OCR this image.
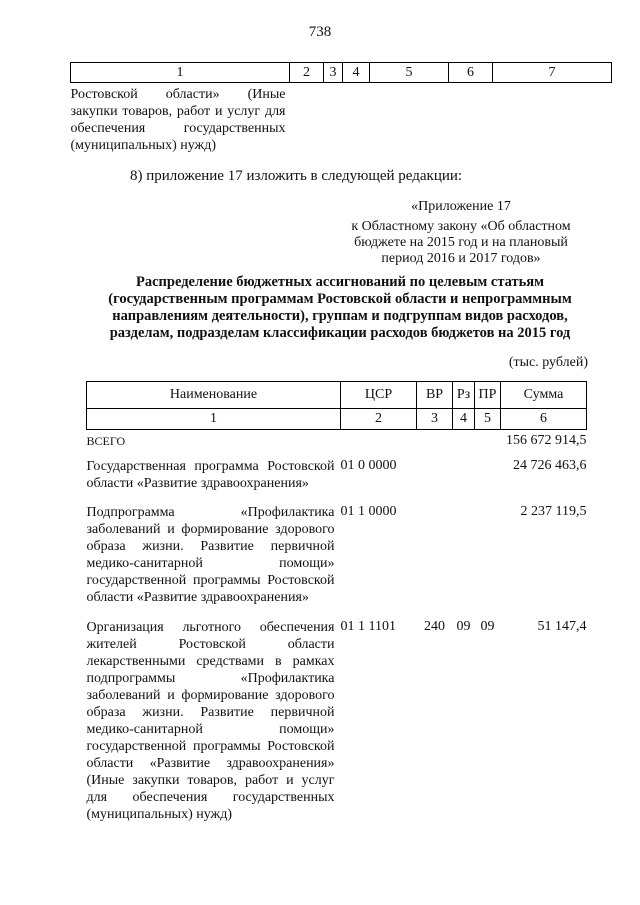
738
1	2	3	4	5	6	7
Ростовской области» (Иные закупки товаров, работ и услуг для обеспечения государственных (муниципальных) нужд)						
8) приложение 17 изложить в следующей редакции:
«Приложение 17
к Областному закону «Об областном бюджете на 2015 год и на плановый период 2016 и 2017 годов»
Распределение бюджетных ассигнований по целевым статьям (государственным программам Ростовской области и непрограммным направлениям деятельности), группам и подгруппам видов расходов, разделам, подразделам классификации расходов бюджетов на 2015 год
(тыс. рублей)
Наименование	ЦСР	ВР	Рз	ПР	Сумма
1	2	3	4	5	6
ВСЕГО					156 672 914,5
Государственная программа Ростовской области «Развитие здравоохранения»	01 0 0000				24 726 463,6
Подпрограмма «Профилактика заболеваний и формирование здорового образа жизни. Развитие первичной медико-санитарной помощи» государственной программы Ростовской области «Развитие здравоохранения»	01 1 0000				2 237 119,5
Организация льготного обеспечения жителей Ростовской области лекарственными средствами в рамках подпрограммы «Профилактика заболеваний и формирование здорового образа жизни. Развитие первичной медико-санитарной помощи» государственной программы Ростовской области «Развитие здравоохранения» (Иные закупки товаров, работ и услуг для обеспечения государственных (муниципальных) нужд)	01 1 1101	240	09	09	51 147,4
